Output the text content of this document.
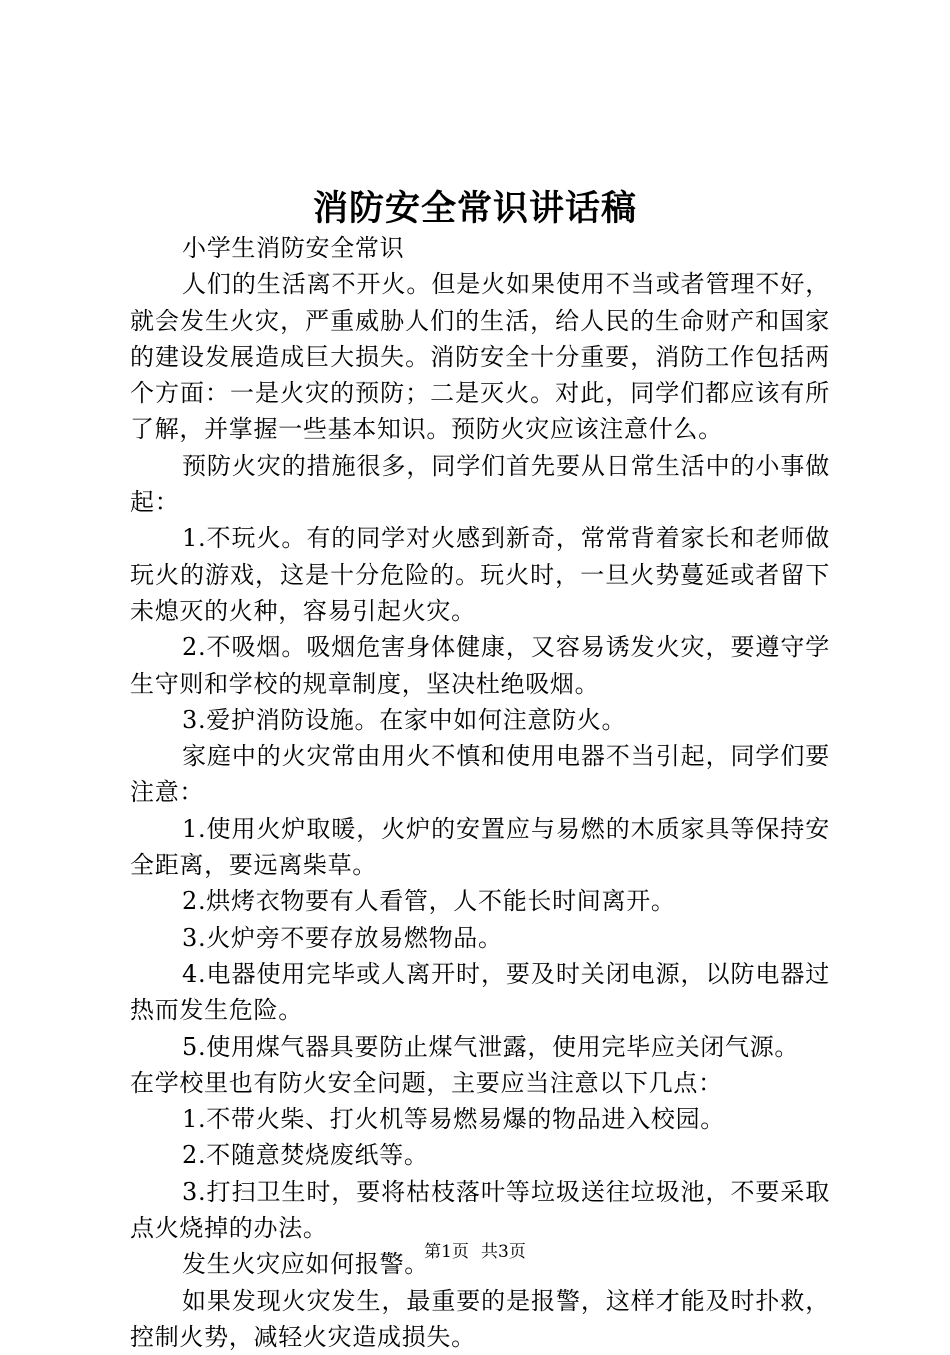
消防安全常识讲话稿

小学生消防安全常识

人们的生活离不开火。但是火如果使用不当或者管理不好，就会发生火灾，严重威胁人们的生活，给人民的生命财产和国家的建设发展造成巨大损失。消防安全十分重要，消防工作包括两个方面：一是火灾的预防；二是灭火。对此，同学们都应该有所了解，并掌握一些基本知识。预防火灾应该注意什么。

预防火灾的措施很多，同学们首先要从日常生活中的小事做起：

1.不玩火。有的同学对火感到新奇，常常背着家长和老师做玩火的游戏，这是十分危险的。玩火时，一旦火势蔓延或者留下未熄灭的火种，容易引起火灾。

2.不吸烟。吸烟危害身体健康，又容易诱发火灾，要遵守学生守则和学校的规章制度，坚决杜绝吸烟。

3.爱护消防设施。在家中如何注意防火。

家庭中的火灾常由用火不慎和使用电器不当引起，同学们要注意：

1.使用火炉取暖，火炉的安置应与易燃的木质家具等保持安全距离，要远离柴草。

2.烘烤衣物要有人看管，人不能长时间离开。

3.火炉旁不要存放易燃物品。

4.电器使用完毕或人离开时，要及时关闭电源，以防电器过热而发生危险。

5.使用煤气器具要防止煤气泄露，使用完毕应关闭气源。

在学校里也有防火安全问题，主要应当注意以下几点：

1.不带火柴、打火机等易燃易爆的物品进入校园。

2.不随意焚烧废纸等。

3.打扫卫生时，要将枯枝落叶等垃圾送往垃圾池，不要采取点火烧掉的办法。

发生火灾应如何报警。

如果发现火灾发生，最重要的是报警，这样才能及时扑救，控制火势，减轻火灾造成损失。

第1页 共3页
